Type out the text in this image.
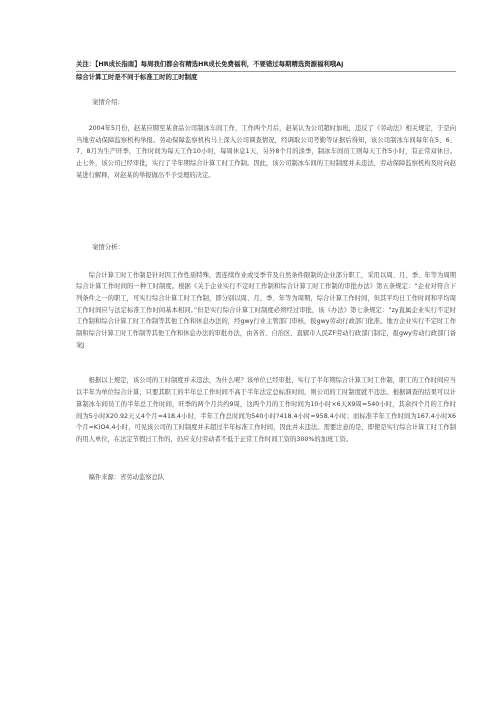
关注：【HR成长指南】每周我们都会有精选HR成长免费福利，不要错过每期精选资源福利哦Aj
综合计算工时是不同于标准工时的工时制度

案情介绍：

2004年5月份，赵某应聘至某食品公司制冰车间工作，工作两个月后，赵某认为公司超时加班，违反了《劳动法》相关规定，于是向当地劳动保障监察机构举报。劳动保障监察机构马上深入公司调查情况，经调取公司考勤等证据后得知，该公司制冰车间每年在5、6、7、8月为生产旺季，工作时间为每天工作10小时，每周休息1天，另外8个月的淡季，制冰车间员工则每天工作5小时，有正常双休日。止七外，该公司已经审批，实行了半年期综合计算工时工作制。因此，该公司制冰车间的工时制度并未违法，劳动保障监察机构及时向赵某进行解释，对赵某的举报做出不予受理的决定。

案情分析：

综合计算工时工作制是针对因工作性质特殊，需连续作业或受季节及自然条件限制的企业部分职工，采用以周、月、季、年等为周期综合计算工作时间的一种工时制度。根据《关于企业实行不定时工作制和综合计算工时工作制的审批办法》第五条规定：“企业对符合下列条件之一的职工，可实行综合计算工时工作制，即分别以周、月、季、年等为周期，综合计算工作时间，但其平均日工作时间和平均周工作时间应与法定标准工作时间基本相同。”但是实行综合计算工时制度必须经过审批，该《办法》第七条规定：“zy直属企业实行不定时工作制和综合计算工时工作制等其他工作和休息办法的，经gwy行业主管部门审核，报gwy劳动行政部门批准。地方企业实行不定时工作制和综合计算工时工作制等其他工作和休息办法的审批办法，由各省、自治区、直辖市人民ZF劳动行政部门制定，报gwy劳动行政部门备案J

根据以上规定，该公司的工时制度并未违法，为什么呢？该单位已经审批，实行了半年期综合计算工时工作制，职工的工作时间应当以半年为单位综合计算，只要其职工的半年总工作时间不高于半年法定总标准时间，则公司的工时制度就不违法。根据调查的结果可以计算制冰车间员工的半年总工作时间，旺季的两个月共约9周，这两个月的工作时间为10小时×6天X9周=540小时，其余四个月的工作时间为5小时X20.92天乂4个月=418.4小时，半年工作总时间为540小时?418.4小时=958.4小时；而标准半年工作时间为167.4小时X6个月=K)O4.4小时，可见该公司的工时制度并未超过半年标准工作时间，因此并未违法。需要注意的是，即使是实行综合计算工时工作制的用人单位，在法定节假日工作的，仍应支付劳动者不低于正常工作时间工资的300%的加班工资。

稿件来源：省劳动监察总队
